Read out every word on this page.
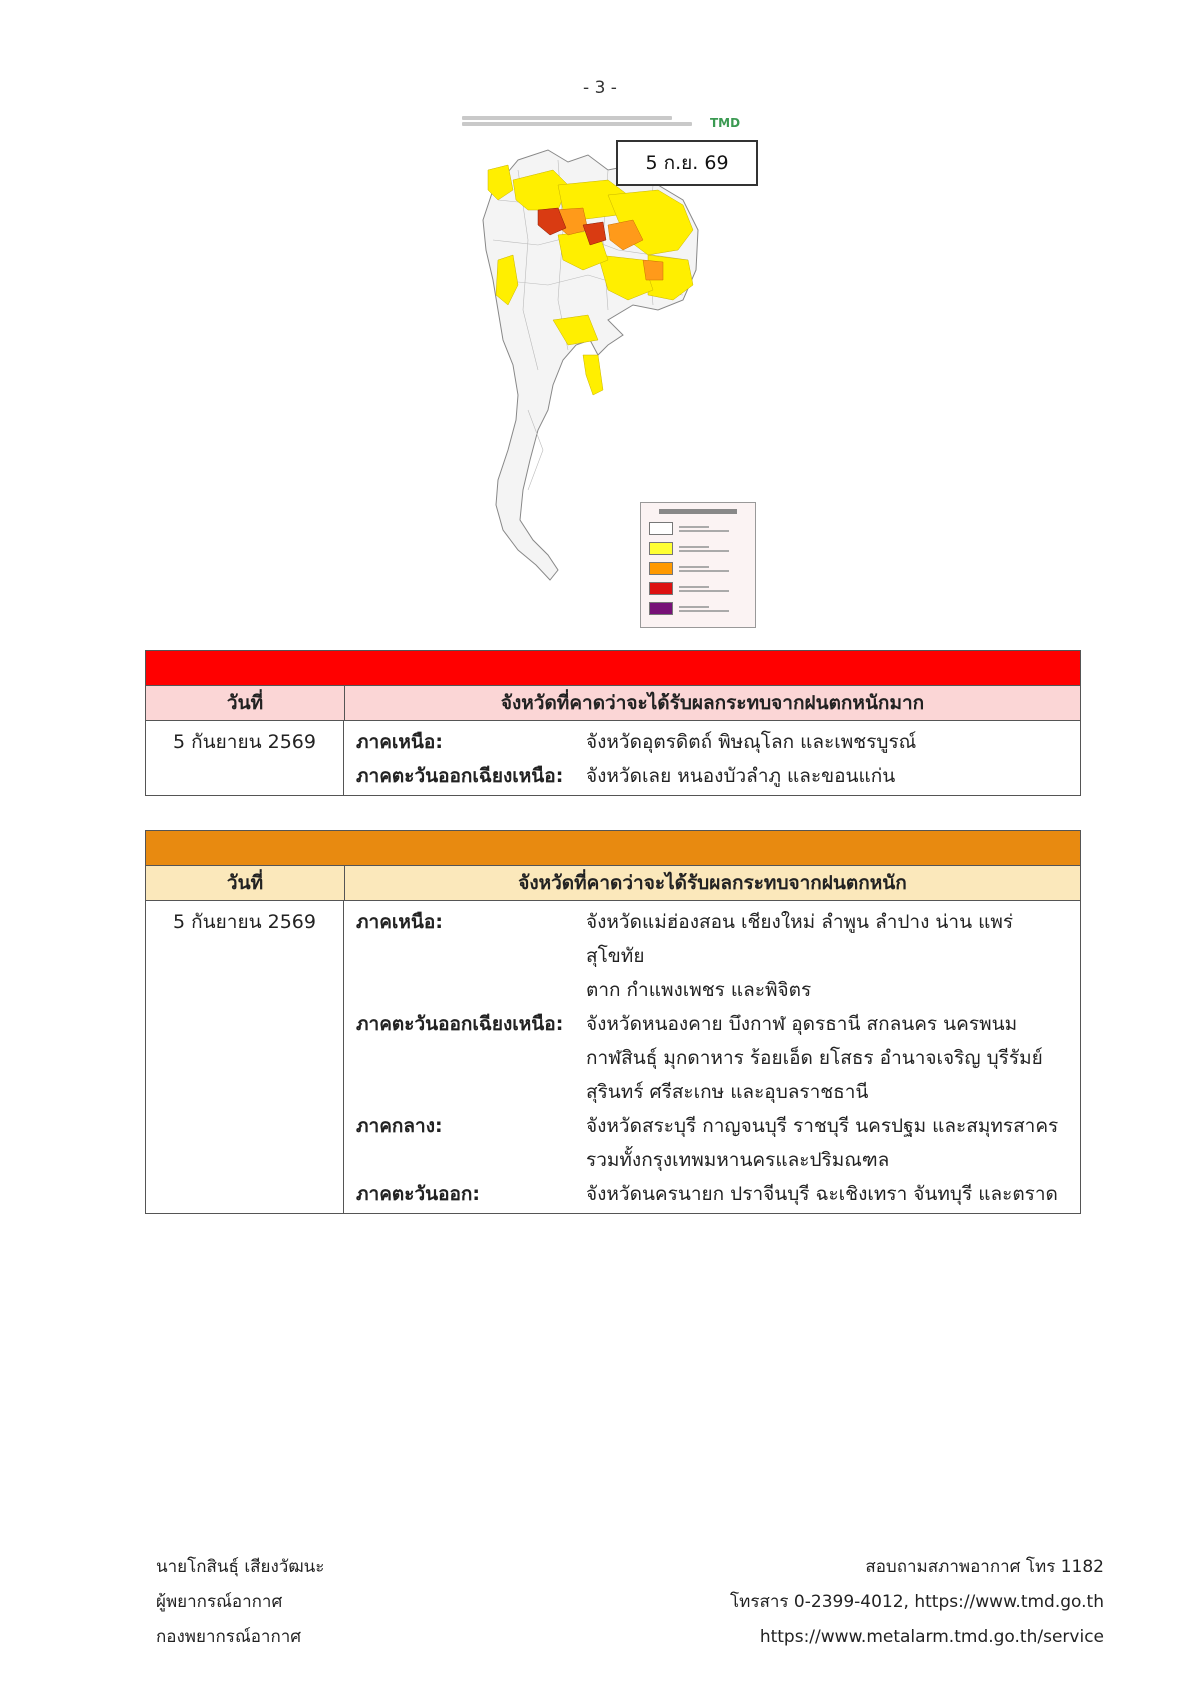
- 3 -
TMD
5 ก.ย. 69
วันที่	จังหวัดที่คาดว่าจะได้รับผลกระทบจากฝนตกหนักมาก
5 กันยายน 2569	ภาคเหนือ:	จังหวัดอุตรดิตถ์ พิษณุโลก และเพชรบูรณ์
ภาคตะวันออกเฉียงเหนือ:	จังหวัดเลย หนองบัวลำภู และขอนแก่น
วันที่	จังหวัดที่คาดว่าจะได้รับผลกระทบจากฝนตกหนัก
5 กันยายน 2569	ภาคเหนือ:	จังหวัดแม่ฮ่องสอน เชียงใหม่ ลำพูน ลำปาง น่าน แพร่ สุโขทัย
ตาก กำแพงเพชร และพิจิตร
ภาคตะวันออกเฉียงเหนือ:	จังหวัดหนองคาย บึงกาฬ อุดรธานี สกลนคร นครพนม
กาฬสินธุ์ มุกดาหาร ร้อยเอ็ด ยโสธร อำนาจเจริญ บุรีรัมย์
สุรินทร์ ศรีสะเกษ และอุบลราชธานี
ภาคกลาง:	จังหวัดสระบุรี กาญจนบุรี ราชบุรี นครปฐม และสมุทรสาคร
รวมทั้งกรุงเทพมหานครและปริมณฑล
ภาคตะวันออก:	จังหวัดนครนายก ปราจีนบุรี ฉะเชิงเทรา จันทบุรี และตราด
นายโกสินธุ์ เสียงวัฒนะ
ผู้พยากรณ์อากาศ
กองพยากรณ์อากาศ
สอบถามสภาพอากาศ โทร 1182
โทรสาร 0-2399-4012, https://www.tmd.go.th
https://www.metalarm.tmd.go.th/service
